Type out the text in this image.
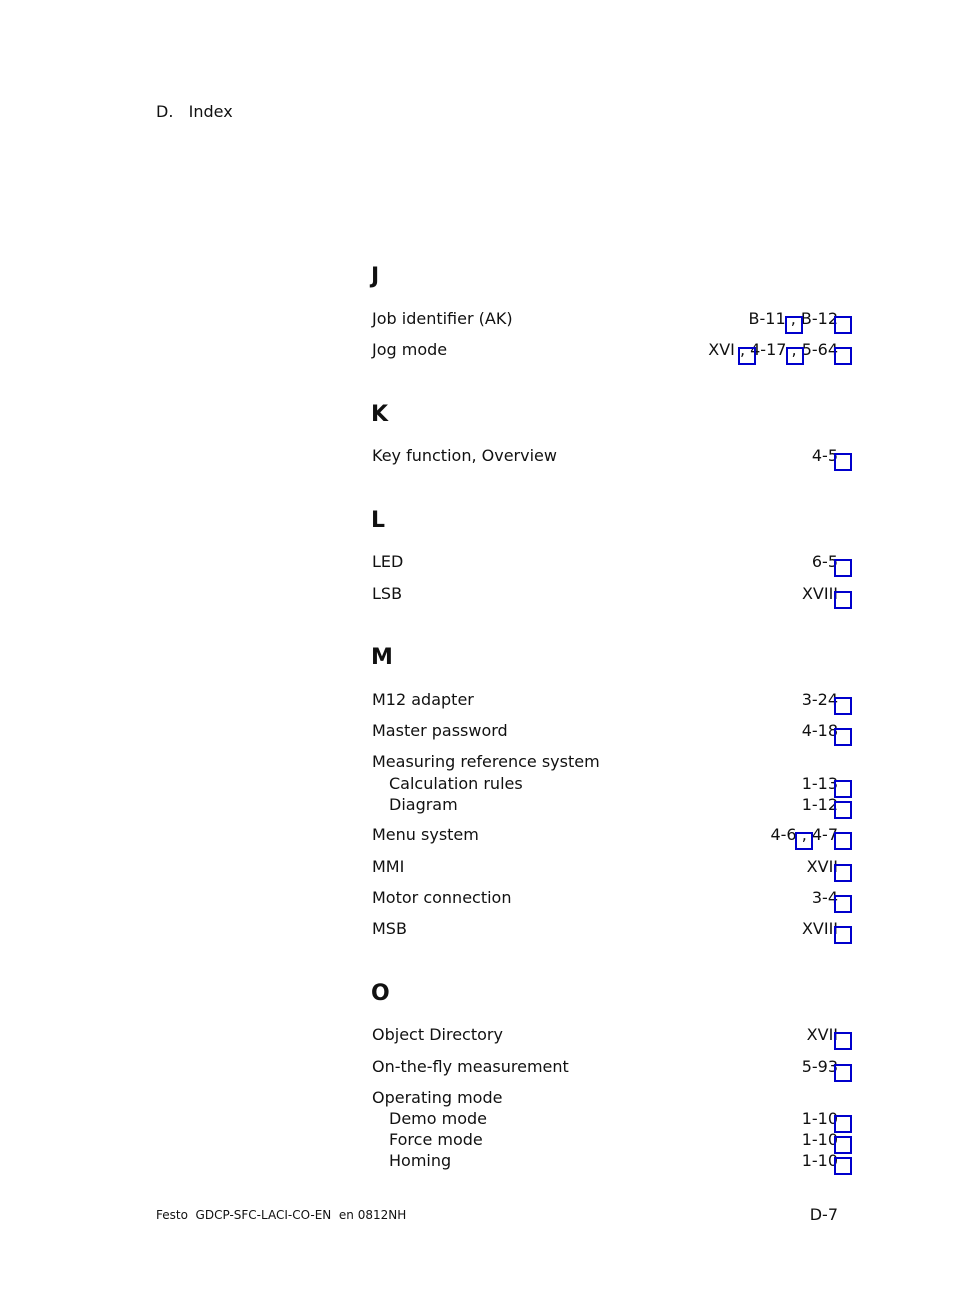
D.   Index
J
Job identifier (AK)	B-11 , B-12
Jog mode	XVI , 4-17 , 5-64
K
Key function, Overview	4-5
L
LED	6-5
LSB	XVIII
M
M12 adapter	3-24
Master password	4-18
Measuring reference system
Calculation rules	1-13
Diagram	1-12
Menu system	4-6 , 4-7
MMI	XVII
Motor connection	3-4
MSB	XVIII
O
Object Directory	XVII
On-the-fly measurement	5-93
Operating mode
Demo mode	1-10
Force mode	1-10
Homing	1-10
Festo  GDCP-SFC-LACI-CO-EN  en 0812NH	D-7
